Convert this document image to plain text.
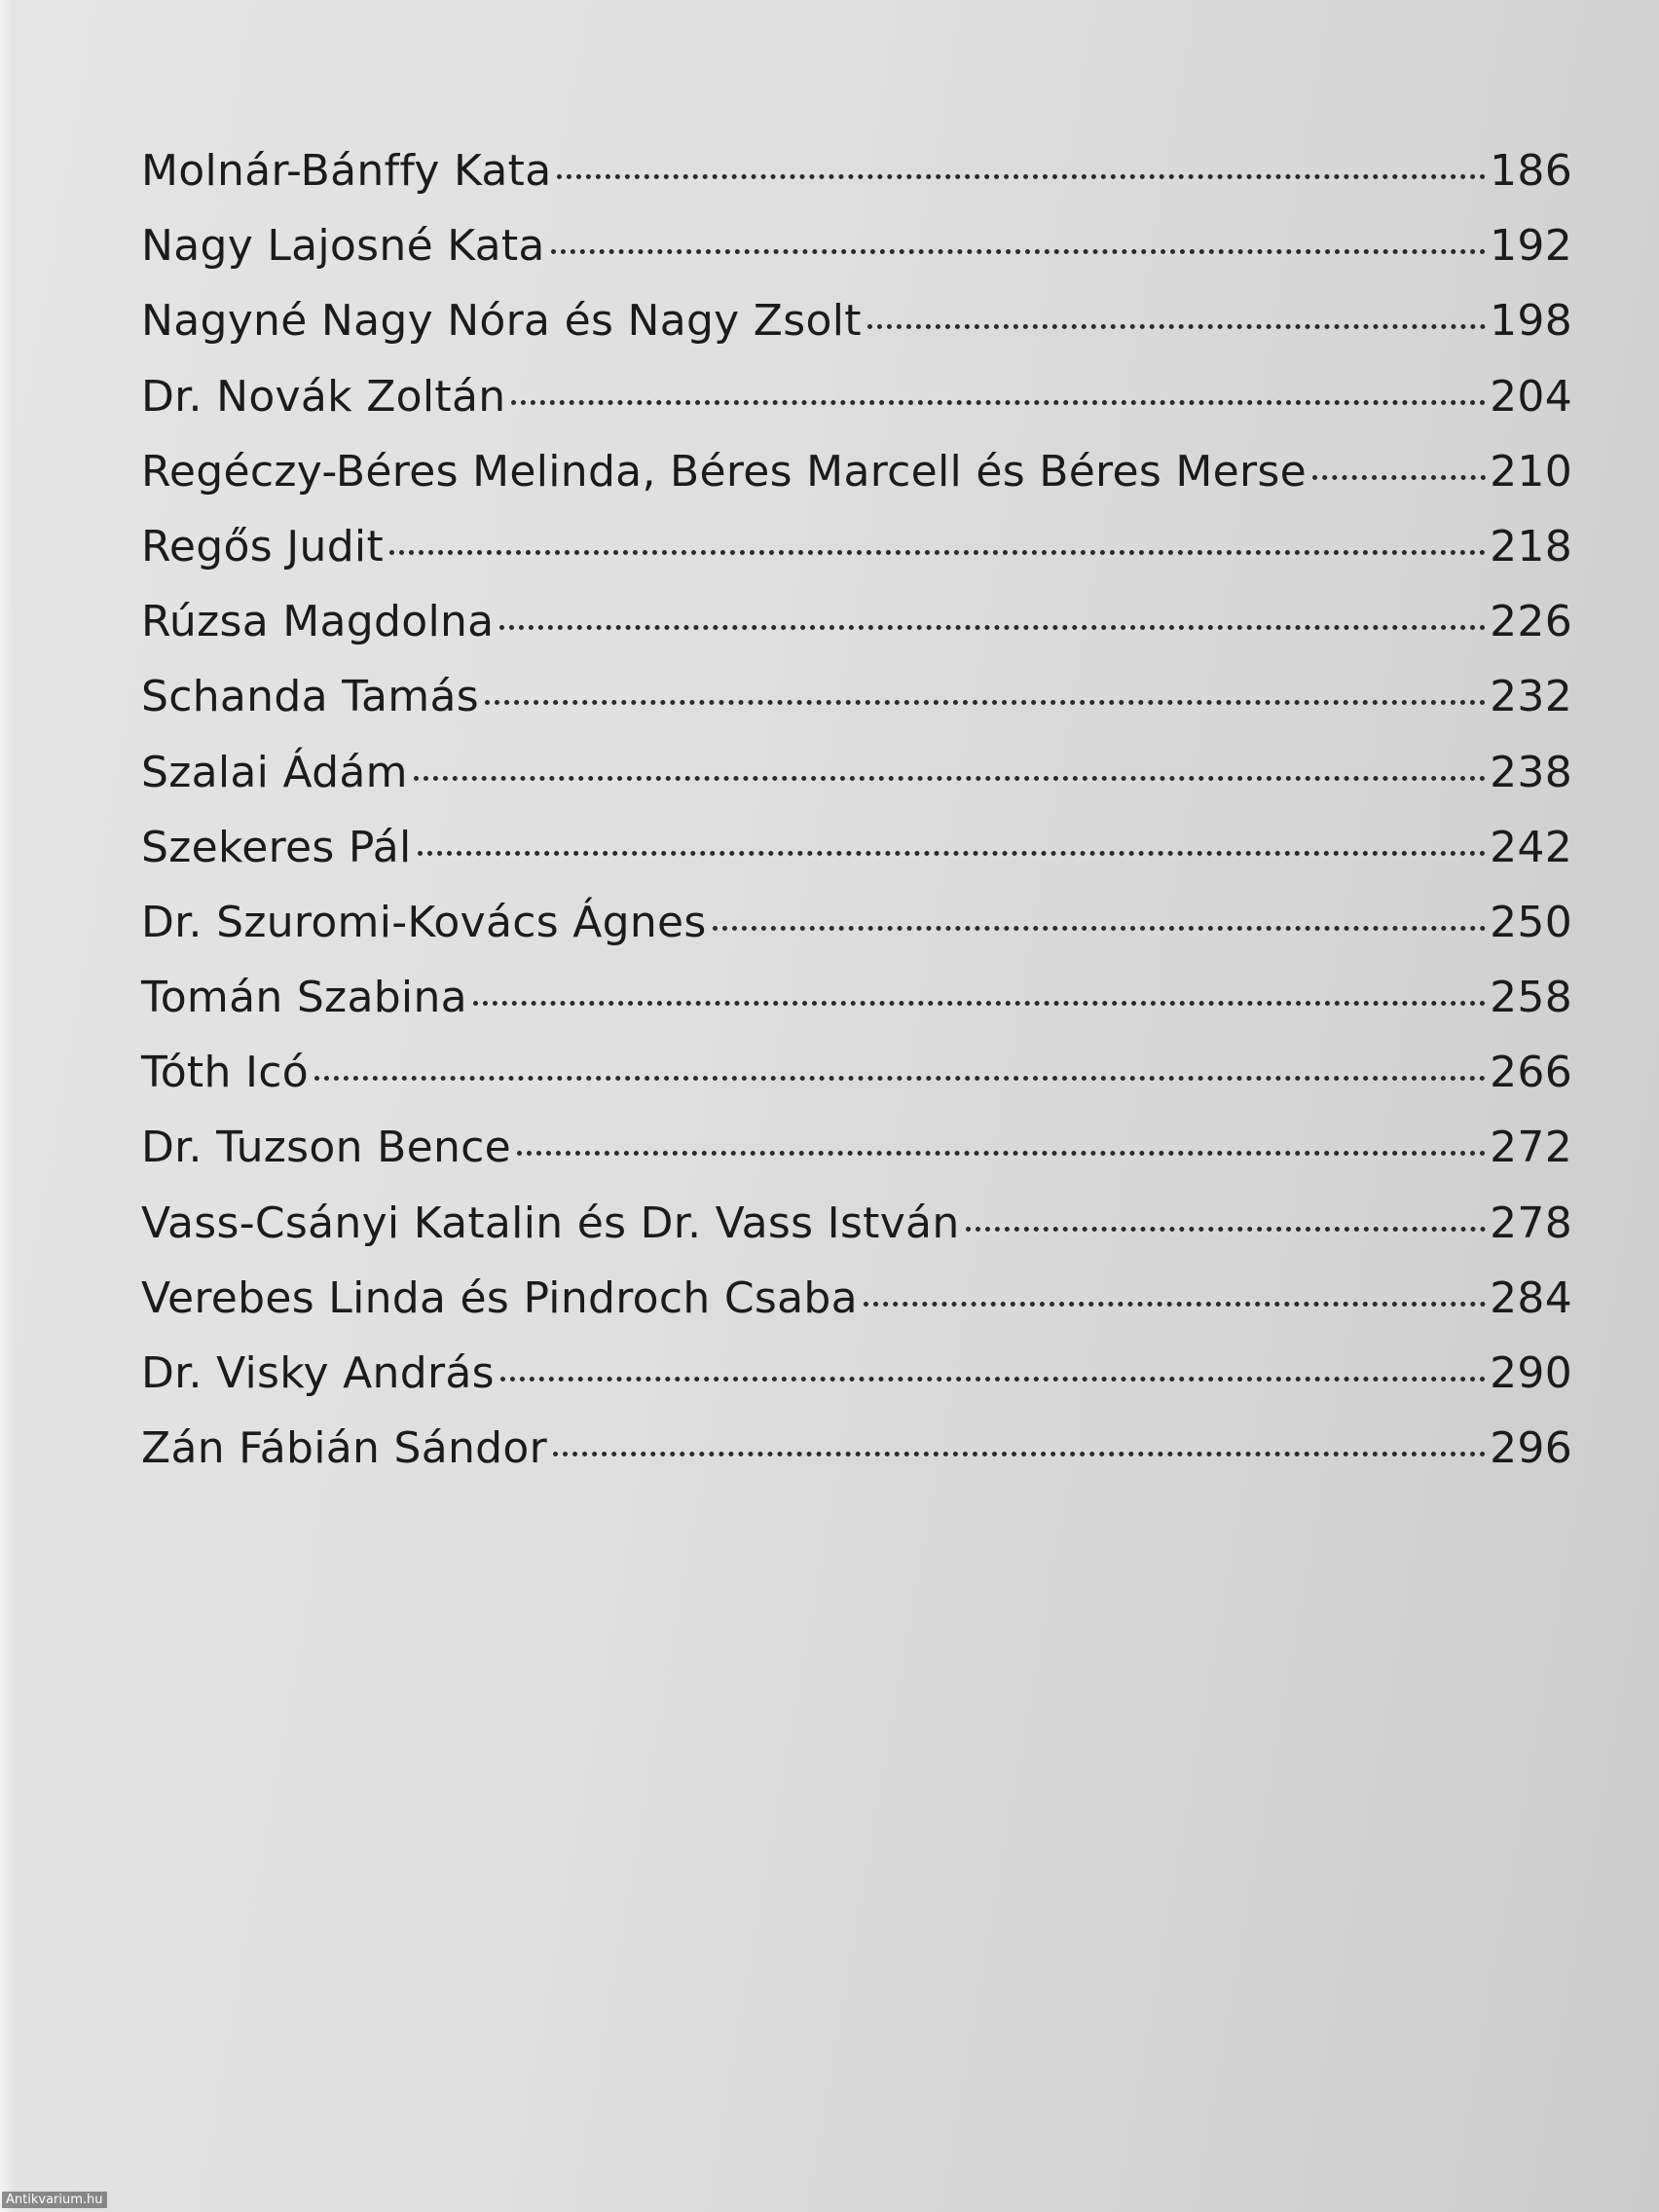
Molnár-Bánffy Kata	186
Nagy Lajosné Kata	192
Nagyné Nagy Nóra és Nagy Zsolt	198
Dr. Novák Zoltán	204
Regéczy-Béres Melinda, Béres Marcell és Béres Merse	210
Regős Judit	218
Rúzsa Magdolna	226
Schanda Tamás	232
Szalai Ádám	238
Szekeres Pál	242
Dr. Szuromi-Kovács Ágnes	250
Tomán Szabina	258
Tóth Icó	266
Dr. Tuzson Bence	272
Vass-Csányi Katalin és Dr. Vass István	278
Verebes Linda és Pindroch Csaba	284
Dr. Visky András	290
Zán Fábián Sándor	296
Antikvarium.hu
